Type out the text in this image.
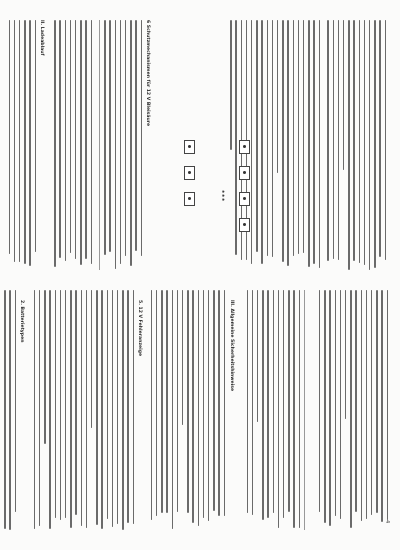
5. 12 V Fehleranzeige
2. Batterietypen
6 Schutzmechanismen für 12 V Bleisäure
II. Ladeablauf
III. Allgemeine Sicherheitshinweise
✱✱✱
4
